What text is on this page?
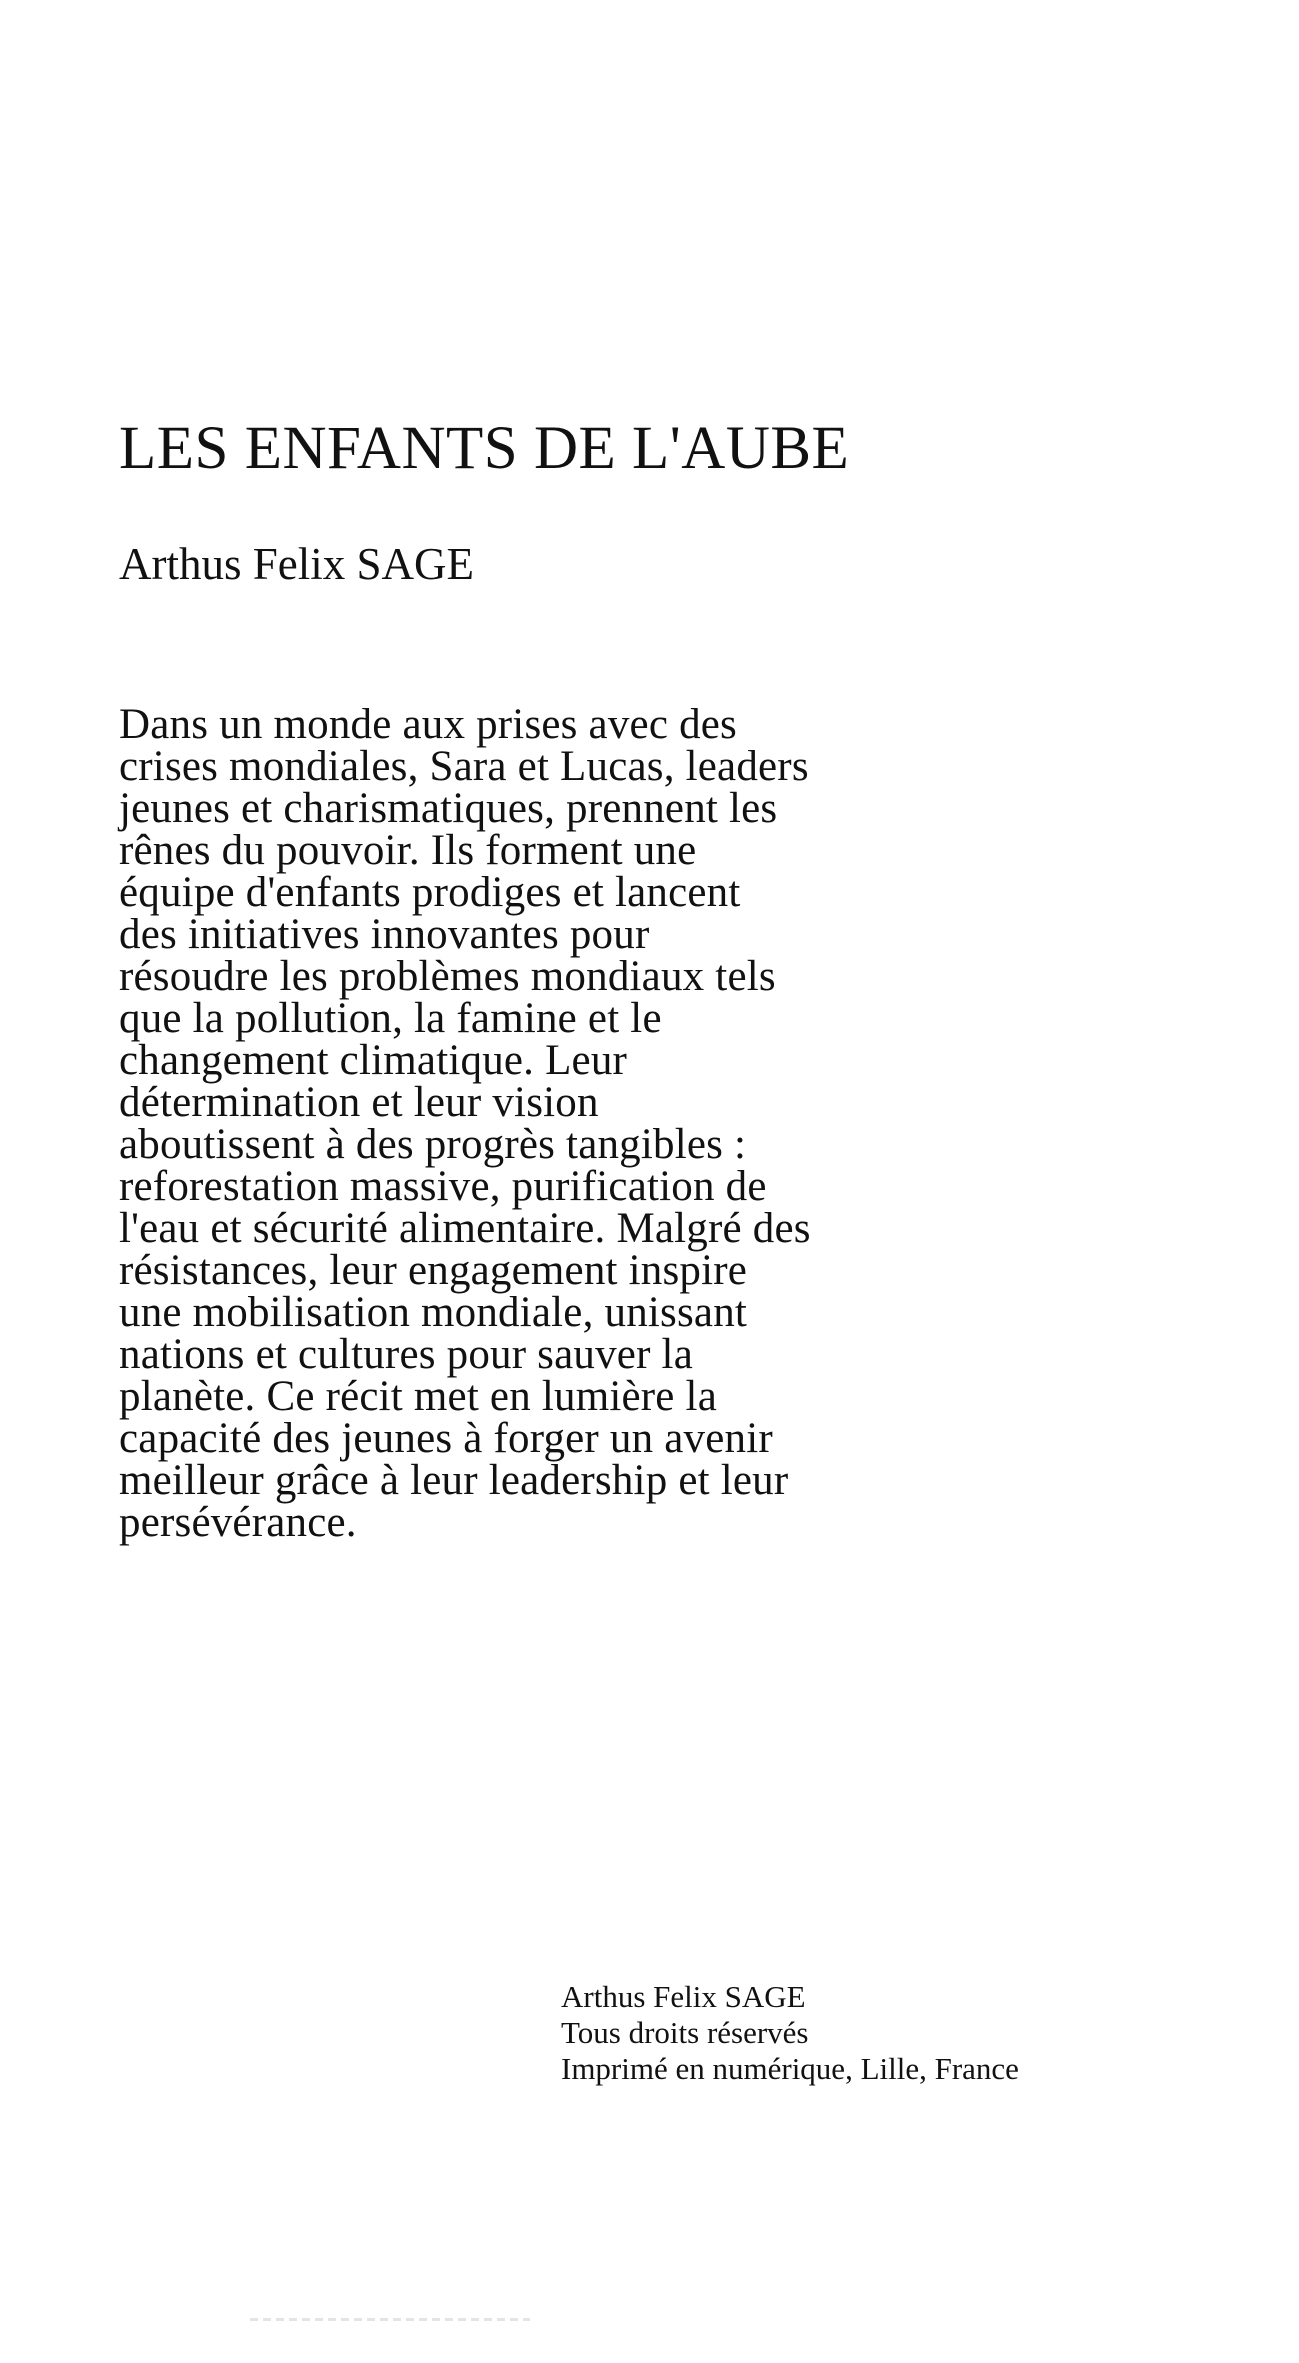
LES ENFANTS DE L'AUBE
Arthus Felix SAGE

Dans un monde aux prises avec des
crises mondiales, Sara et Lucas, leaders
jeunes et charismatiques, prennent les
rênes du pouvoir. Ils forment une
équipe d'enfants prodiges et lancent
des initiatives innovantes pour
résoudre les problèmes mondiaux tels
que la pollution, la famine et le
changement climatique. Leur
détermination et leur vision
aboutissent à des progrès tangibles :
reforestation massive, purification de
l'eau et sécurité alimentaire. Malgré des
résistances, leur engagement inspire
une mobilisation mondiale, unissant
nations et cultures pour sauver la
planète. Ce récit met en lumière la
capacité des jeunes à forger un avenir
meilleur grâce à leur leadership et leur
persévérance.

Arthus Felix SAGE
Tous droits réservés
Imprimé en numérique, Lille, France
